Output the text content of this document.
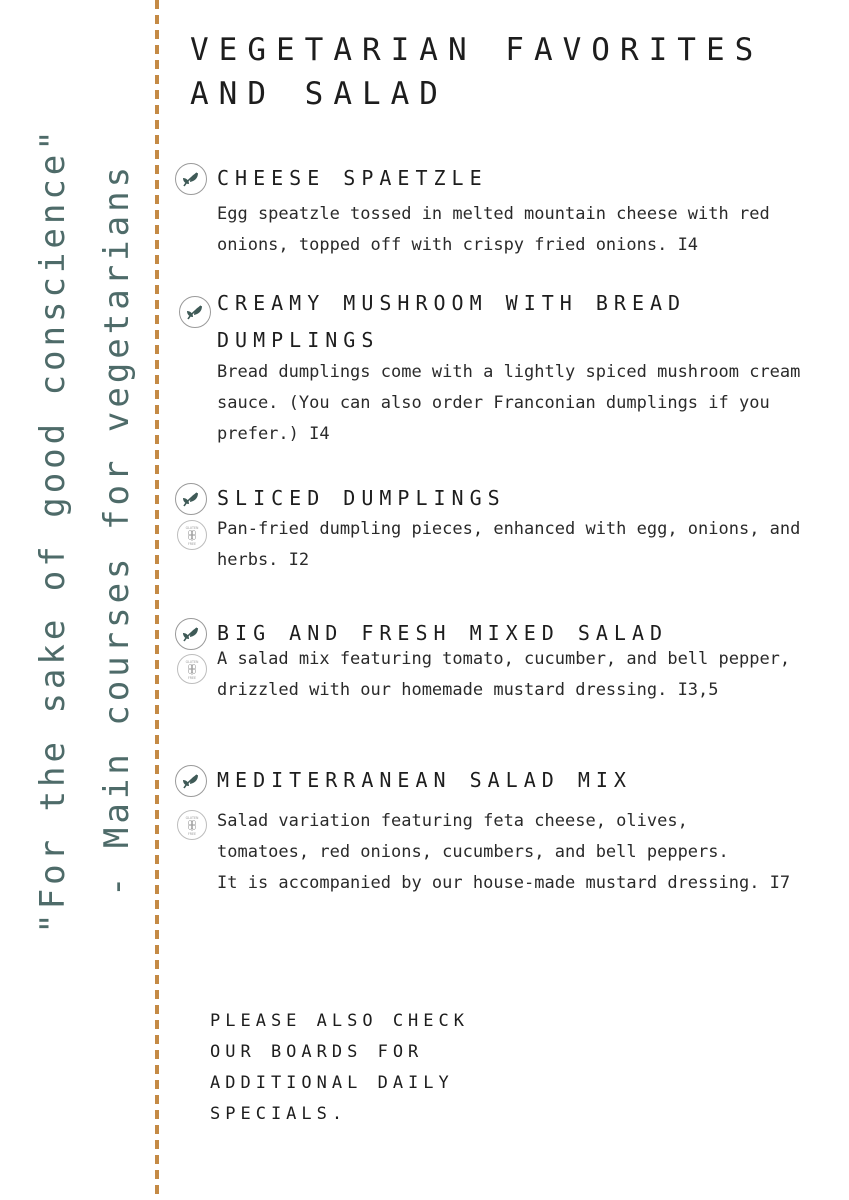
"For the sake of good conscience" - Main courses for vegetarians
VEGETARIAN FAVORITES
AND SALAD
CHEESE SPAETZLE

Egg speatzle tossed in melted mountain cheese with red
onions, topped off with crispy fried onions. I4

CREAMY MUSHROOM WITH BREAD
DUMPLINGS

Bread dumplings come with a lightly spiced mushroom cream
sauce. (You can also order Franconian dumplings if you
prefer.) I4

SLICED DUMPLINGS
GLUTEN
FREE

Pan-fried dumpling pieces, enhanced with egg, onions, and
herbs. I2

BIG AND FRESH MIXED SALAD
GLUTEN
FREE

A salad mix featuring tomato, cucumber, and bell pepper,
drizzled with our homemade mustard dressing. I3,5

MEDITERRANEAN SALAD MIX
GLUTEN
FREE

Salad variation featuring feta cheese, olives,
tomatoes, red onions, cucumbers, and bell peppers.
It is accompanied by our house-made mustard dressing. I7

PLEASE ALSO CHECK
OUR BOARDS FOR
ADDITIONAL DAILY
SPECIALS.
